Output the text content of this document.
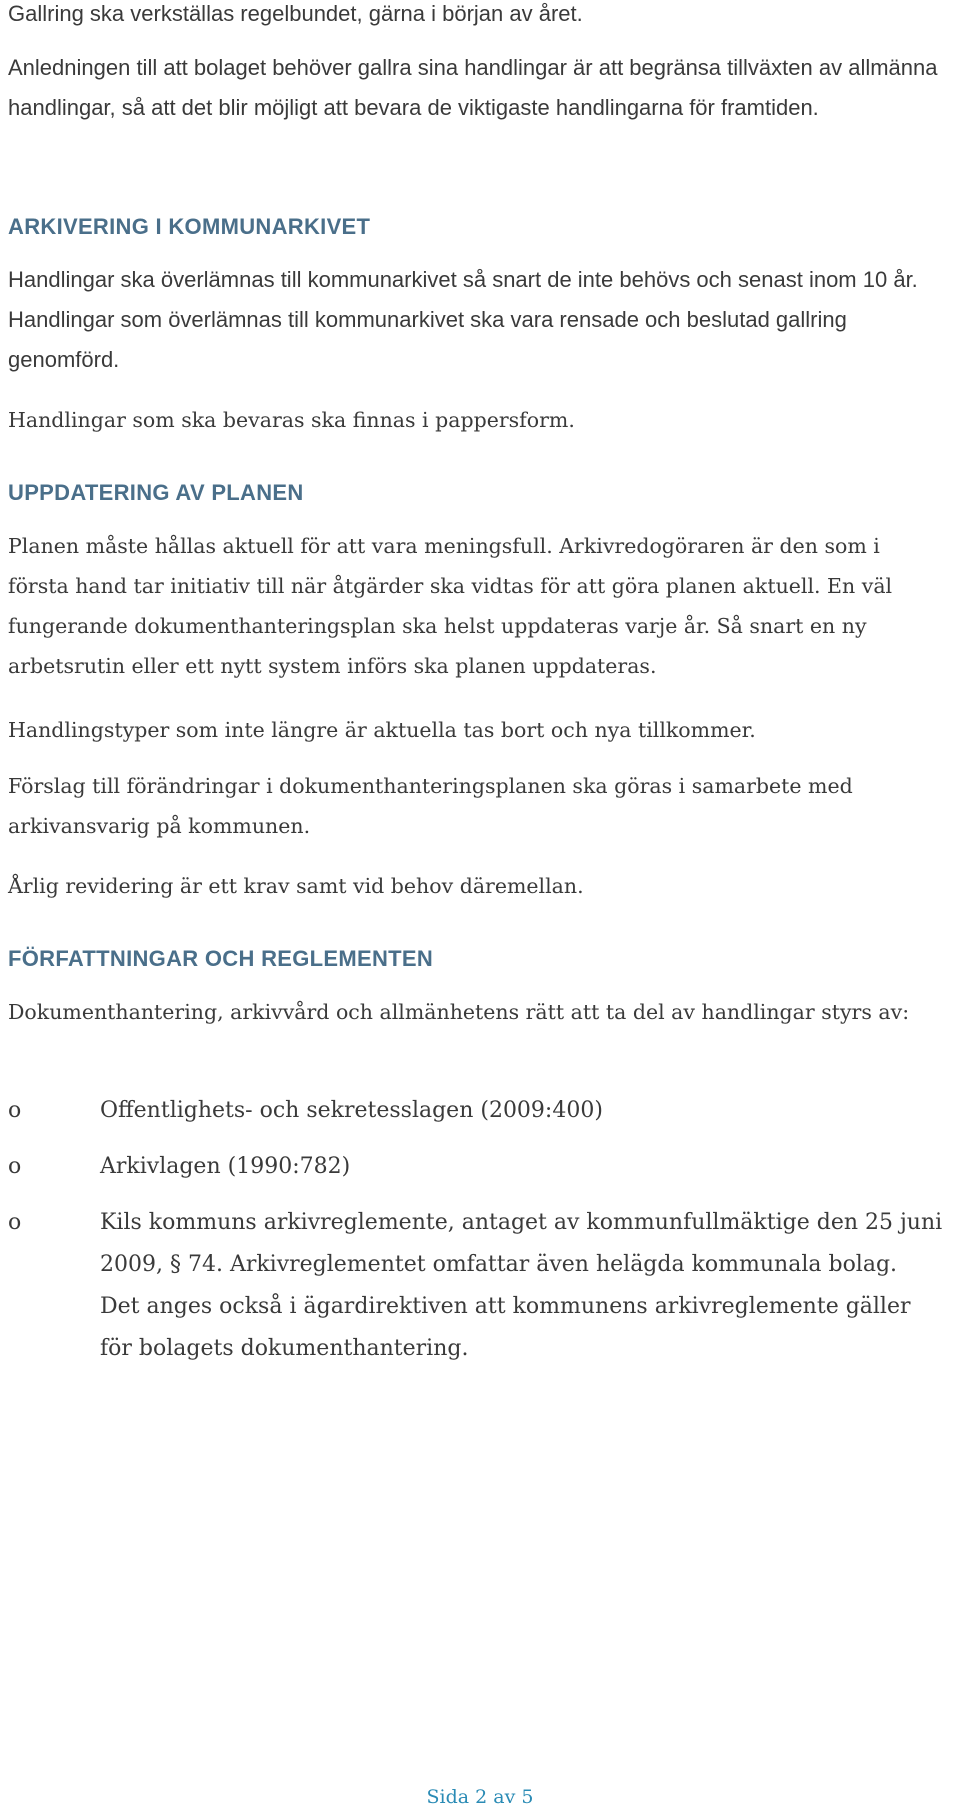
Gallring ska verkställas regelbundet, gärna i början av året.

Anledningen till att bolaget behöver gallra sina handlingar är att begränsa tillväxten av allmänna handlingar, så att det blir möjligt att bevara de viktigaste handlingarna för framtiden.

ARKIVERING I KOMMUNARKIVET

Handlingar ska överlämnas till kommunarkivet så snart de inte behövs och senast inom 10 år. Handlingar som överlämnas till kommunarkivet ska vara rensade och beslutad gallring genomförd.

Handlingar som ska bevaras ska finnas i pappersform.

UPPDATERING AV PLANEN

Planen måste hållas aktuell för att vara meningsfull. Arkivredogöraren är den som i första hand tar initiativ till när åtgärder ska vidtas för att göra planen aktuell. En väl fungerande dokumenthanteringsplan ska helst uppdateras varje år. Så snart en ny arbetsrutin eller ett nytt system införs ska planen uppdateras.

Handlingstyper som inte längre är aktuella tas bort och nya tillkommer.

Förslag till förändringar i dokumenthanteringsplanen ska göras i samarbete med arkivansvarig på kommunen.

Årlig revidering är ett krav samt vid behov däremellan.

FÖRFATTNINGAR OCH REGLEMENTEN

Dokumenthantering, arkivvård och allmänhetens rätt att ta del av handlingar styrs av:

o	Offentlighets- och sekretesslagen (2009:400)
o	Arkivlagen (1990:782)
o	Kils kommuns arkivreglemente, antaget av kommunfullmäktige den 25 juni 2009, § 74. Arkivreglementet omfattar även helägda kommunala bolag. Det anges också i ägardirektiven att kommunens arkivreglemente gäller för bolagets dokumenthantering.
Sida 2 av 5
